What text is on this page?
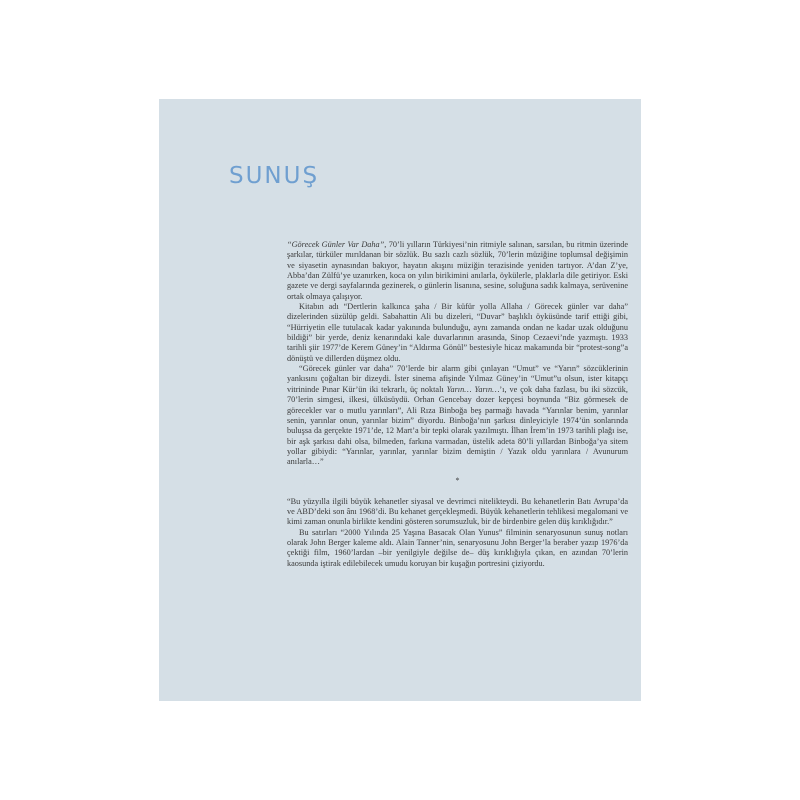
SUNUŞ

“Görecek Günler Var Daha”, 70’li yılların Türkiyesi’nin ritmiyle salınan, sarsılan, bu ritmin üzerinde şarkılar, türküler mırıldanan bir sözlük. Bu sazlı cazlı sözlük, 70’lerin müziğine toplumsal değişimin ve siyasetin aynasından bakıyor, hayatın akışını müziğin terazisinde yeniden tartıyor. A’dan Z’ye, Abba’dan Zülfü’ye uzanırken, koca on yılın birikimini anılarla, öykülerle, plaklarla dile getiriyor. Eski gazete ve dergi sayfalarında gezinerek, o günlerin lisanına, sesine, soluğuna sadık kalmaya, serüvenine ortak olmaya çalışıyor.

Kitabın adı “Dertlerin kalkınca şaha / Bir küfür yolla Allaha / Görecek günler var daha” dizelerinden süzülüp geldi. Sabahattin Ali bu dizeleri, “Duvar” başlıklı öyküsünde tarif ettiği gibi, “Hürriyetin elle tutulacak kadar yakınında bulunduğu, aynı zamanda ondan ne kadar uzak olduğunu bildiği” bir yerde, deniz kenarındaki kale duvarlarının arasında, Sinop Cezaevi’nde yazmıştı. 1933 tarihli şiir 1977’de Kerem Güney’in “Aldırma Gönül” bestesiyle hicaz makamında bir “protest-song”a dönüştü ve dillerden düşmez oldu.

“Görecek günler var daha” 70’lerde bir alarm gibi çınlayan “Umut” ve “Yarın” sözcüklerinin yankısını çoğaltan bir dizeydi. İster sinema afişinde Yılmaz Güney’in “Umut”u olsun, ister kitapçı vitrininde Pınar Kür’ün iki tekrarlı, üç noktalı Yarın… Yarın…’ı, ve çok daha fazlası, bu iki sözcük, 70’lerin simgesi, ilkesi, ülküsüydü. Orhan Gencebay dozer kepçesi boynunda “Biz görmesek de görecekler var o mutlu yarınları”, Ali Rıza Binboğa beş parmağı havada “Yarınlar benim, yarınlar senin, yarınlar onun, yarınlar bizim” diyordu. Binboğa’nın şarkısı dinleyiciyle 1974’ün sonlarında buluşsa da gerçekte 1971’de, 12 Mart’a bir tepki olarak yazılmıştı. İlhan İrem’in 1973 tarihli plağı ise, bir aşk şarkısı dahi olsa, bilmeden, farkına varmadan, üstelik adeta 80’li yıllardan Binboğa’ya sitem yollar gibiydi: “Yarınlar, yarınlar, yarınlar bizim demiştin / Yazık oldu yarınlara / Avunurum anılarla…”

*

“Bu yüzyılla ilgili büyük kehanetler siyasal ve devrimci nitelikteydi. Bu kehanetlerin Batı Avrupa’da ve ABD’deki son ânı 1968’di. Bu kehanet gerçekleşmedi. Büyük kehanetlerin tehlikesi megalomani ve kimi zaman onunla birlikte kendini gösteren sorumsuzluk, bir de birdenbire gelen düş kırıklığıdır.”

Bu satırları “2000 Yılında 25 Yaşına Basacak Olan Yunus” filminin senaryosunun sunuş notları olarak John Berger kaleme aldı. Alain Tanner’nin, senaryosunu John Berger’la beraber yazıp 1976’da çektiği film, 1960’lardan –bir yenilgiyle değilse de– düş kırıklığıyla çıkan, en azından 70’lerin kaosunda iştirak edilebilecek umudu koruyan bir kuşağın portresini çiziyordu.
